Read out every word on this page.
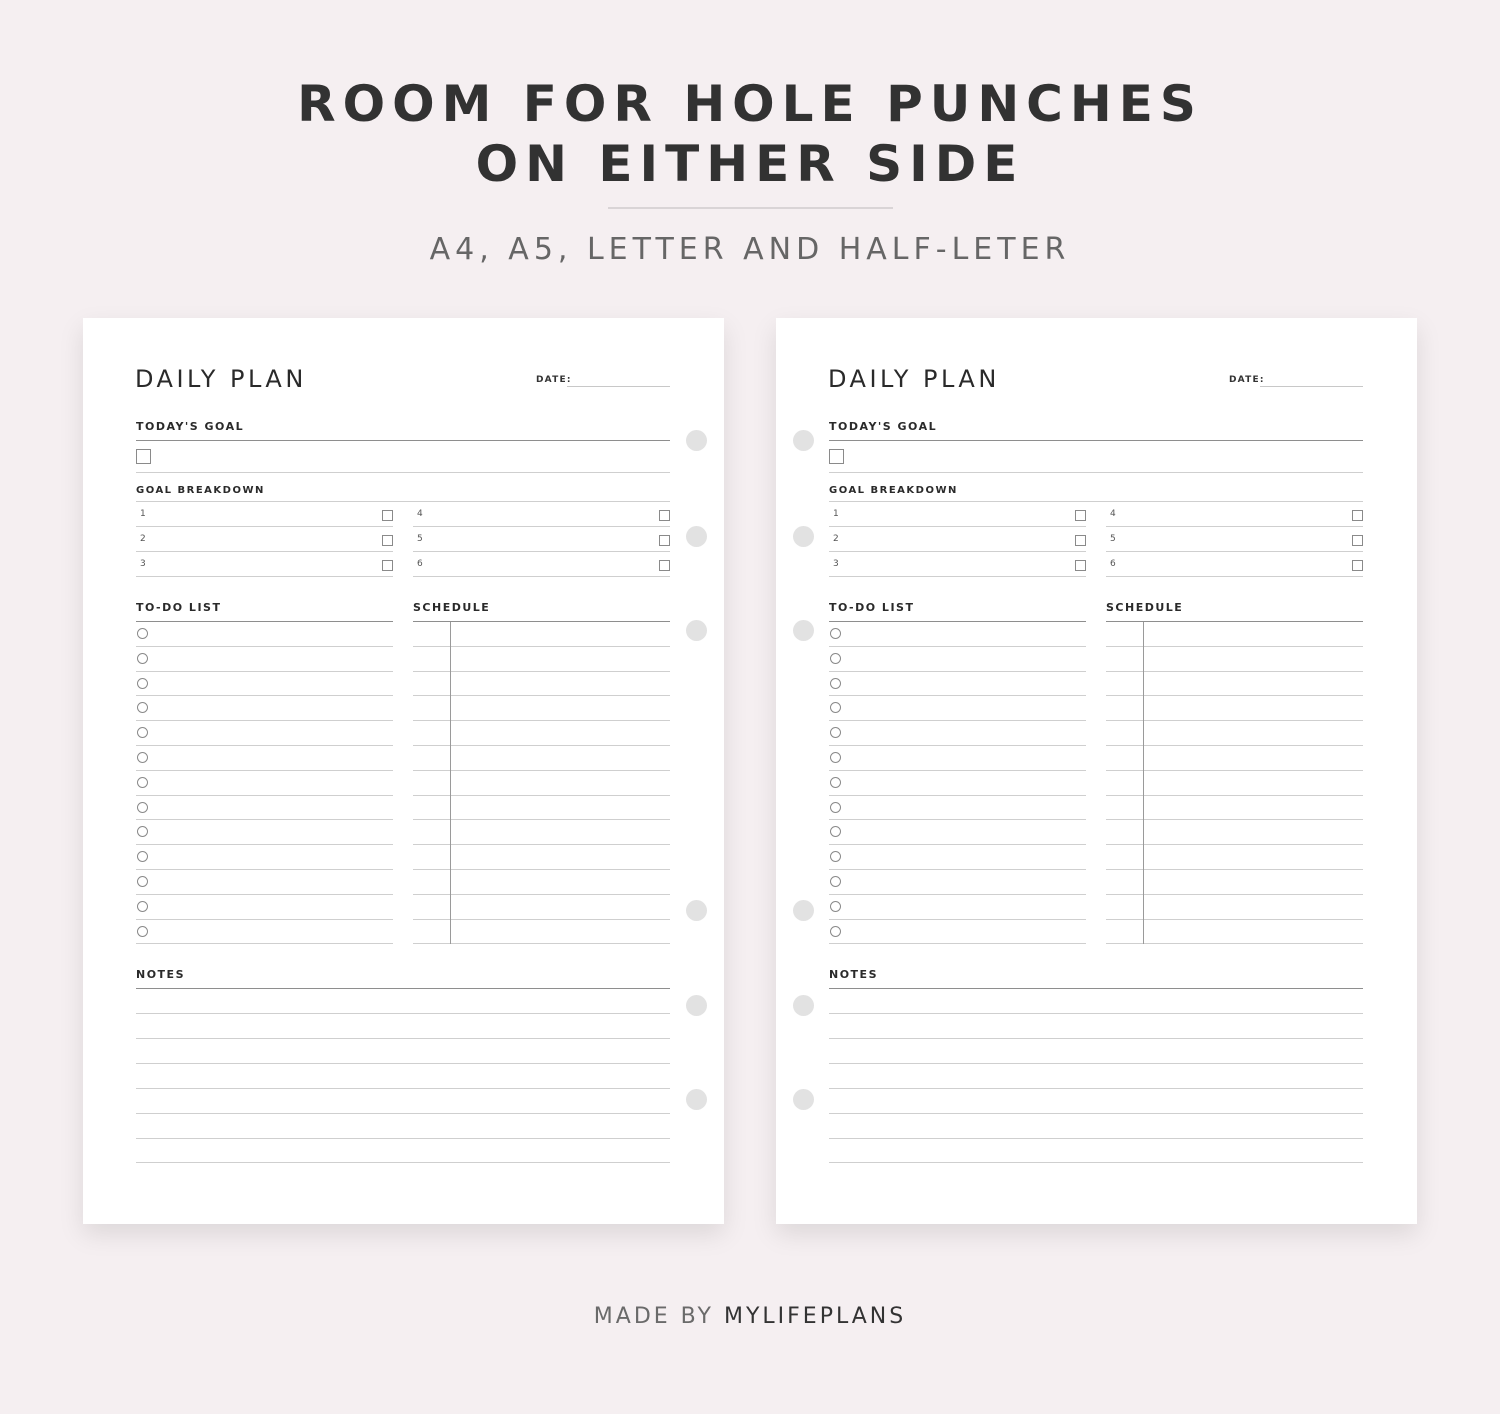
ROOM FOR HOLE PUNCHES
ON EITHER SIDE
A4, A5, LETTER AND HALF-LETER
DAILY PLAN	DATE:
TODAY'S GOAL
GOAL BREAKDOWN
1
2
3
4
5
6
TO-DO LIST	SCHEDULE
NOTES
DAILY PLAN	DATE:
TODAY'S GOAL
GOAL BREAKDOWN
1
2
3
4
5
6
TO-DO LIST	SCHEDULE
NOTES
MADE BY MYLIFEPLANS
